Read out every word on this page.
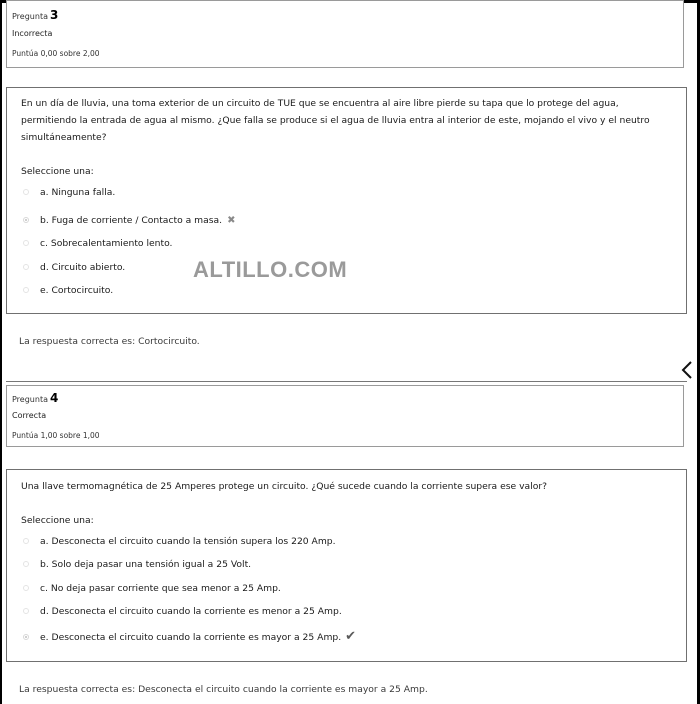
Pregunta 3
Incorrecta
Puntúa 0,00 sobre 2,00
En un día de lluvia, una toma exterior de un circuito de TUE que se encuentra al aire libre pierde su tapa que lo protege del agua, permitiendo la entrada de agua al mismo. ¿Que falla se produce si el agua de lluvia entra al interior de este, mojando el vivo y el neutro simultáneamente?
Seleccione una:
a. Ninguna falla.
b. Fuga de corriente / Contacto a masa. ✖
c. Sobrecalentamiento lento.
d. Circuito abierto.
e. Cortocircuito.
ALTILLO.COM
La respuesta correcta es: Cortocircuito.
Pregunta 4
Correcta
Puntúa 1,00 sobre 1,00
Una llave termomagnética de 25 Amperes protege un circuito. ¿Qué sucede cuando la corriente supera ese valor?
Seleccione una:
a. Desconecta el circuito cuando la tensión supera los 220 Amp.
b. Solo deja pasar una tensión igual a 25 Volt.
c. No deja pasar corriente que sea menor a 25 Amp.
d. Desconecta el circuito cuando la corriente es menor a 25 Amp.
e. Desconecta el circuito cuando la corriente es mayor a 25 Amp. ✔
La respuesta correcta es: Desconecta el circuito cuando la corriente es mayor a 25 Amp.
